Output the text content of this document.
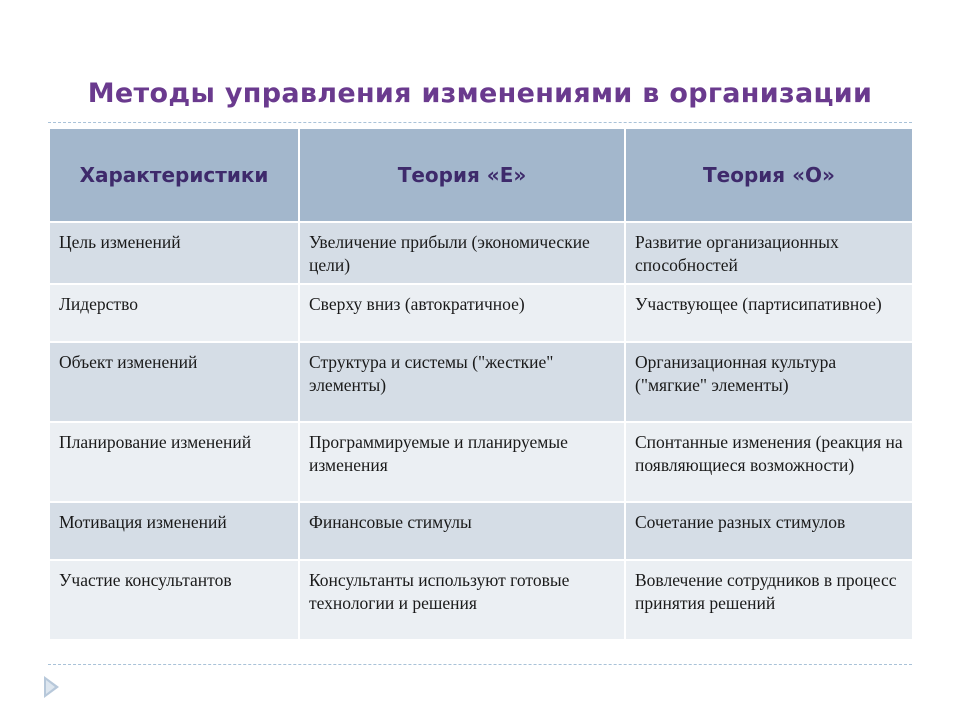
Методы управления изменениями в организации
Характеристики	Теория «Е»	Теория «О»
Цель изменений	Увеличение прибыли (экономические цели)	Развитие организационных способностей
Лидерство	Сверху вниз (автократичное)	Участвующее (партисипативное)
Объект изменений	Структура и системы ("жесткие" элементы)	Организационная культура ("мягкие" элементы)
Планирование изменений	Программируемые и планируемые изменения	Спонтанные изменения (реакция на появляющиеся возможности)
Мотивация изменений	Финансовые стимулы	Сочетание разных стимулов
Участие консультантов	Консультанты используют готовые технологии и решения	Вовлечение сотрудников в процесс принятия решений
